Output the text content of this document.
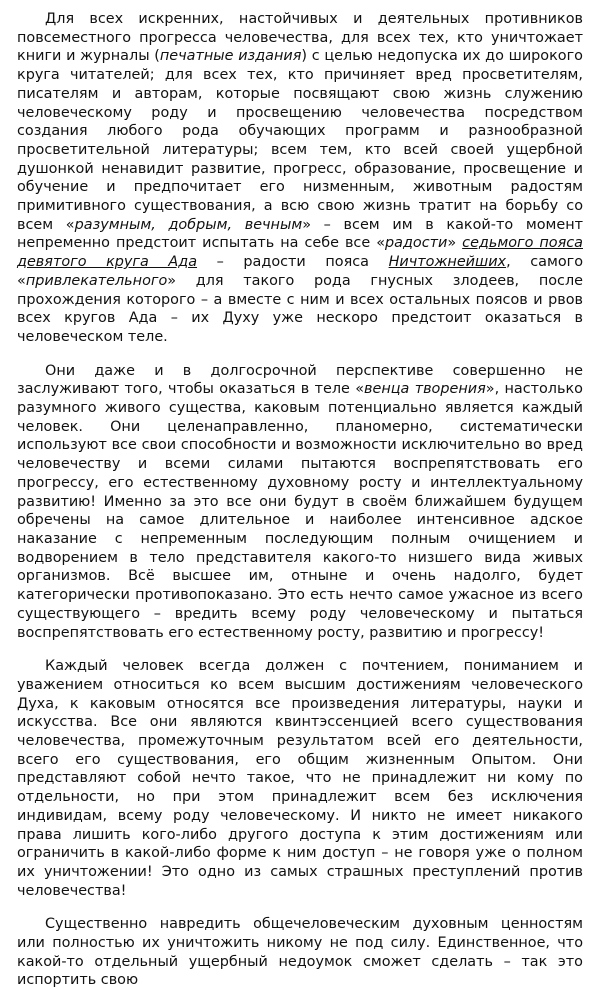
Для всех искренних, настойчивых и деятельных противников повсеместного прогресса человечества, для всех тех, кто уничтожает книги и журналы (печатные издания) с целью недопуска их до широкого круга читателей; для всех тех, кто причиняет вред просветителям, писателям и авторам, которые посвящают свою жизнь служению человеческому роду и просвещению человечества посредством создания любого рода обучающих программ и разнообразной просветительной литературы; всем тем, кто всей своей ущербной душонкой ненавидит развитие, прогресс, образование, просвещение и обучение и предпочитает его низменным, животным радостям примитивного существования, а всю свою жизнь тратит на борьбу со всем «разумным, добрым, вечным» – всем им в какой-то момент непременно предстоит испытать на себе все «радости» седьмого пояса девятого круга Ада – радости пояса Ничтожнейших, самого «привлекательного» для такого рода гнусных злодеев, после прохождения которого – а вместе с ним и всех остальных поясов и рвов всех кругов Ада – их Духу уже нескоро предстоит оказаться в человеческом теле.

Они даже и в долгосрочной перспективе совершенно не заслуживают того, чтобы оказаться в теле «венца творения», настолько разумного живого существа, каковым потенциально является каждый человек. Они целенаправленно, планомерно, систематически используют все свои способности и возможности исключительно во вред человечеству и всеми силами пытаются воспрепятствовать его прогрессу, его естественному духовному росту и интеллектуальному развитию! Именно за это все они будут в своём ближайшем будущем обречены на самое длительное и наиболее интенсивное адское наказание с непременным последующим полным очищением и водворением в тело представителя какого-то низшего вида живых организмов. Всё высшее им, отныне и очень надолго, будет категорически противопоказано. Это есть нечто самое ужасное из всего существующего – вредить всему роду человеческому и пытаться воспрепятствовать его естественному росту, развитию и прогрессу!

Каждый человек всегда должен с почтением, пониманием и уважением относиться ко всем высшим достижениям человеческого Духа, к каковым относятся все произведения литературы, науки и искусства. Все они являются квинтэссенцией всего существования человечества, промежуточным результатом всей его деятельности, всего его существования, его общим жизненным Опытом. Они представляют собой нечто такое, что не принадлежит ни кому по отдельности, но при этом принадлежит всем без исключения индивидам, всему роду человеческому. И никто не имеет никакого права лишить кого-либо другого доступа к этим достижениям или ограничить в какой-либо форме к ним доступ – не говоря уже о полном их уничтожении! Это одно из самых страшных преступлений против человечества!

Существенно навредить общечеловеческим духовным ценностям или полностью их уничтожить никому не под силу. Единственное, что какой-то отдельный ущербный недоумок сможет сделать – так это испортить свою
